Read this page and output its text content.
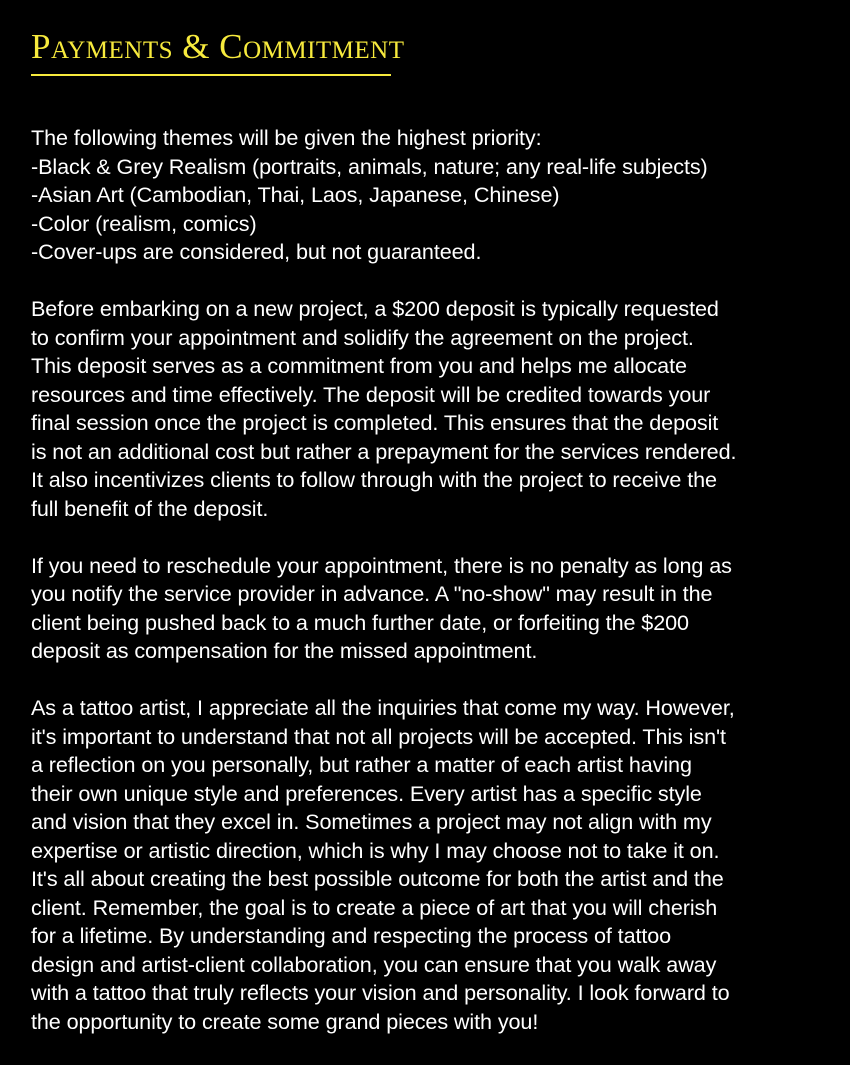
Payments & Commitment

The following themes will be given the highest priority:
-Black & Grey Realism (portraits, animals, nature; any real-life subjects)
-Asian Art (Cambodian, Thai, Laos, Japanese, Chinese)
-Color (realism, comics)
-Cover-ups are considered, but not guaranteed.

Before embarking on a new project, a $200 deposit is typically requested
to confirm your appointment and solidify the agreement on the project.
This deposit serves as a commitment from you and helps me allocate
resources and time effectively. The deposit will be credited towards your
final session once the project is completed. This ensures that the deposit
is not an additional cost but rather a prepayment for the services rendered.
It also incentivizes clients to follow through with the project to receive the
full benefit of the deposit.

If you need to reschedule your appointment, there is no penalty as long as
you notify the service provider in advance. A "no-show" may result in the
client being pushed back to a much further date, or forfeiting the $200
deposit as compensation for the missed appointment.

As a tattoo artist, I appreciate all the inquiries that come my way. However,
it's important to understand that not all projects will be accepted. This isn't
a reflection on you personally, but rather a matter of each artist having
their own unique style and preferences. Every artist has a specific style
and vision that they excel in. Sometimes a project may not align with my
expertise or artistic direction, which is why I may choose not to take it on.
It's all about creating the best possible outcome for both the artist and the
client. Remember, the goal is to create a piece of art that you will cherish
for a lifetime. By understanding and respecting the process of tattoo
design and artist-client collaboration, you can ensure that you walk away
with a tattoo that truly reflects your vision and personality. I look forward to
the opportunity to create some grand pieces with you!
